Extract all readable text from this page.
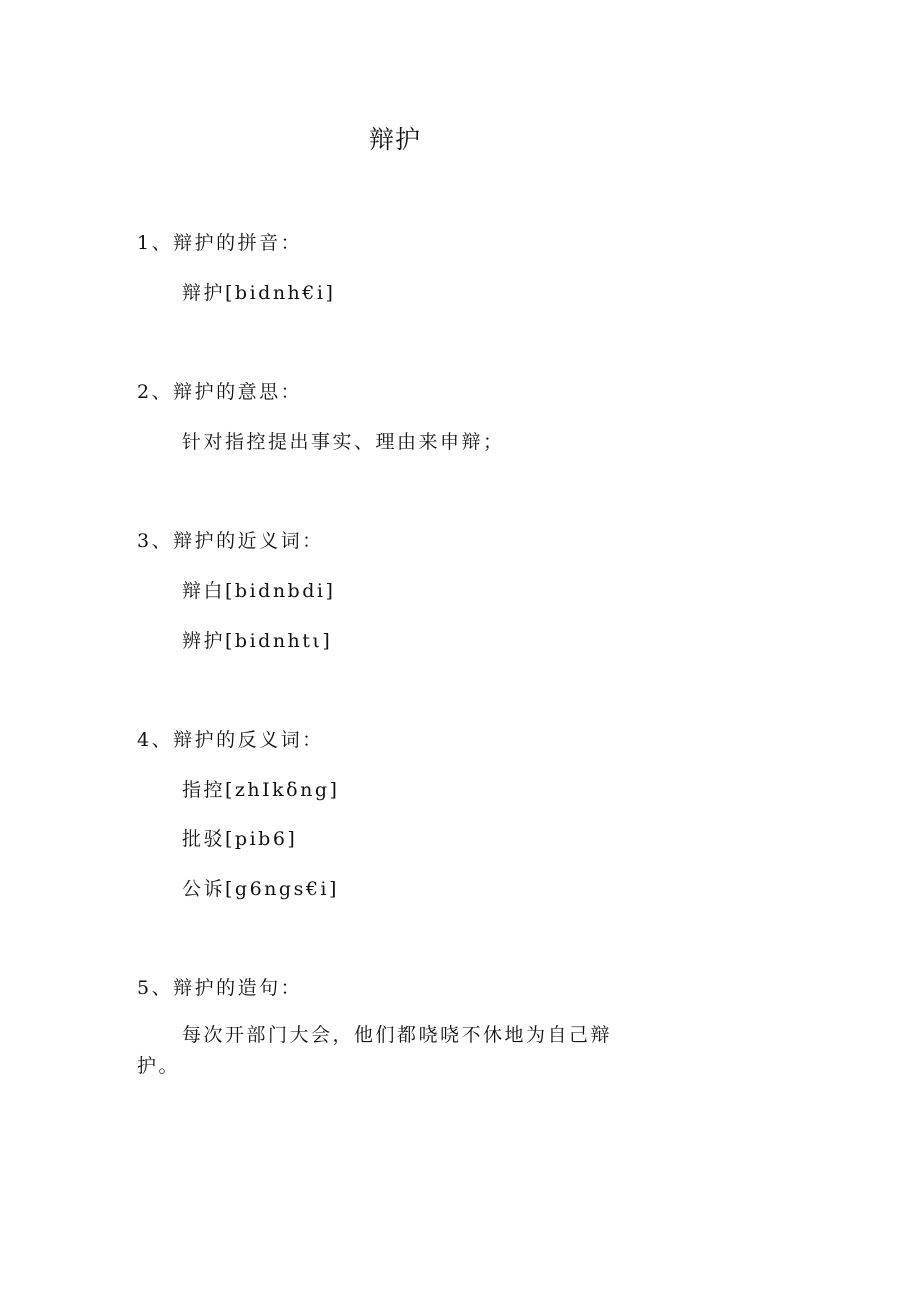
辩护
1、辩护的拼音：
辩护[bidnh€i]
2、辩护的意思：
针对指控提出事实、理由来申辩；
3、辩护的近义词：
辩白[bidnbdi]
辨护[bidnhtι]
4、辩护的反义词：
指控[zhIkδng]
批驳[pib6]
公诉[g6ngs€i]
5、辩护的造句：
每次开部门大会，他们都哓哓不休地为自己辩护。
